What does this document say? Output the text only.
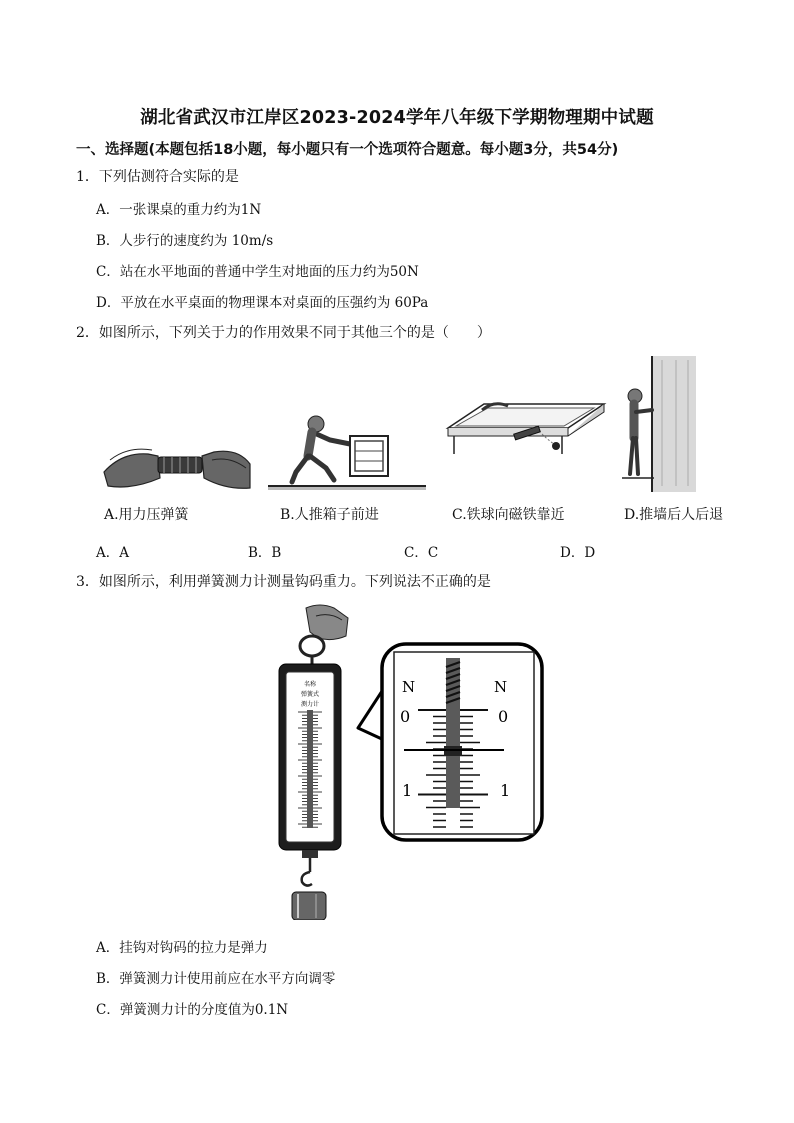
湖北省武汉市江岸区2023-2024学年八年级下学期物理期中试题
一、选择题(本题包括18小题，每小题只有一个选项符合题意。每小题3分，共54分)
1．下列估测符合实际的是
A．一张课桌的重力约为1N
B．人步行的速度约为 10m/s
C．站在水平地面的普通中学生对地面的压力约为50N
D．平放在水平桌面的物理课本对桌面的压强约为 60Pa
2．如图所示，下列关于力的作用效果不同于其他三个的是（　　）
A.用力压弹簧	B.人推箱子前进	C.铁球向磁铁靠近	D.推墙后人后退
A．A	B．B	C．C	D．D
3．如图所示，利用弹簧测力计测量钩码重力。下列说法不正确的是
名称
弹簧式
测力计
N	N
0	0
1	1
A．挂钩对钩码的拉力是弹力
B．弹簧测力计使用前应在水平方向调零
C．弹簧测力计的分度值为0.1N
